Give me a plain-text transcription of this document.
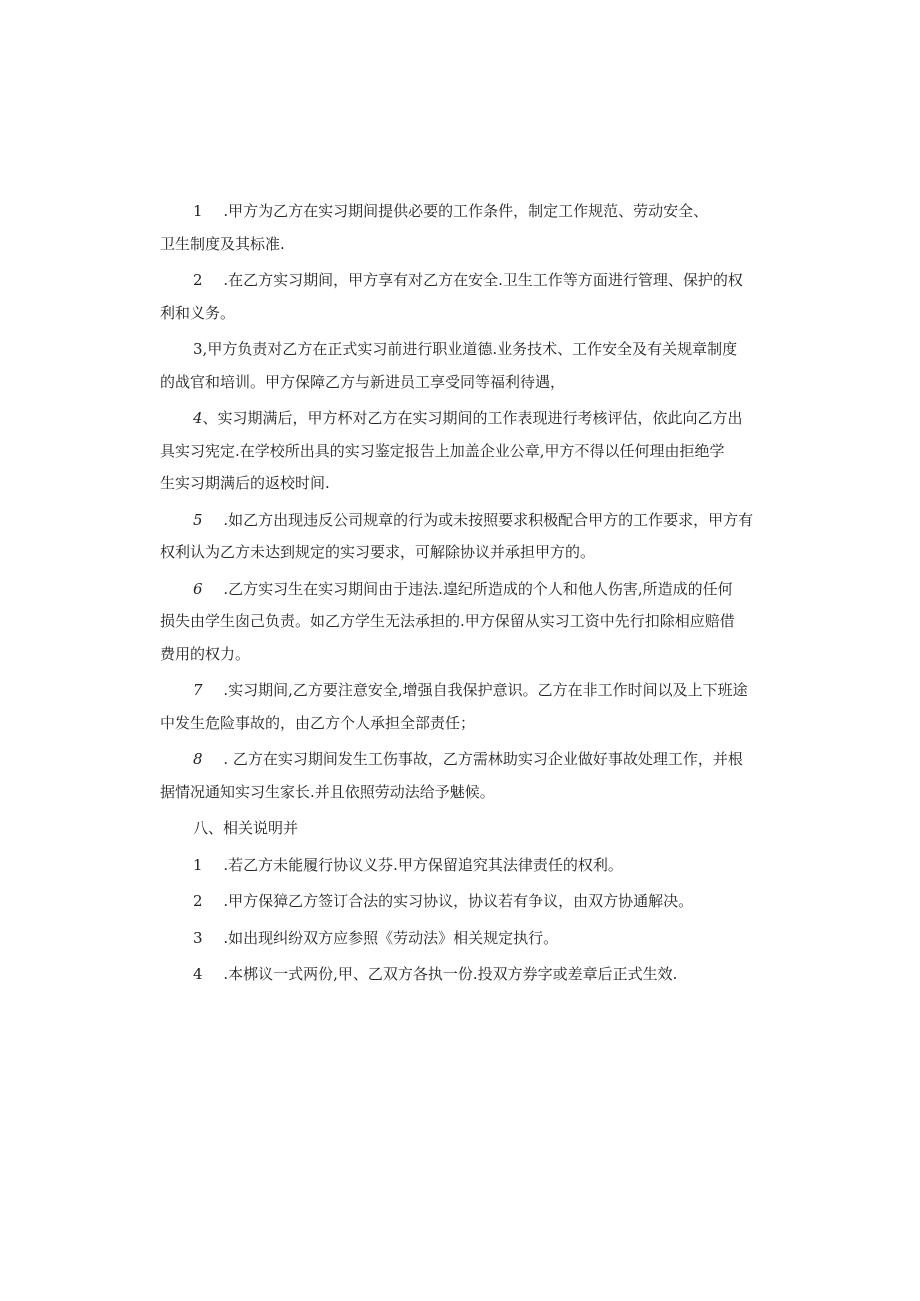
1 .甲方为乙方在实习期间提供必要的工作条件，制定工作规范、劳动安全、
卫生制度及其标准.
2 .在乙方实习期间，甲方享有对乙方在安全.卫生工作等方面进行管理、保护的权
利和义务。
3,甲方负责对乙方在正式实习前进行职业道德.业务技术、工作安全及有关规章制度
的战官和培训。甲方保障乙方与新进员工享受同等福利待遇，
4、实习期满后，甲方杯对乙方在实习期间的工作表现进行考核评估，依此向乙方出
具实习宪定.在学校所出具的实习鉴定报告上加盖企业公章,甲方不得以任何理由拒绝学
生实习期满后的返校时间.
5 .如乙方出现违反公司规章的行为或未按照要求积极配合甲方的工作要求，甲方有
权利认为乙方未达到规定的实习要求，可解除协议并承担甲方的。
6 .乙方实习生在实习期间由于违法.遑纪所造成的个人和他人伤害,所造成的任何
损失由学生囱己负责。如乙方学生无法承担的.甲方保留从实习工资中先行扣除相应赔借
费用的权力。
7 .实习期间,乙方要注意安全,增强自我保护意识。乙方在非工作时间以及上下班途
中发生危险事故的，由乙方个人承担全部责任；
8 . 乙方在实习期间发生工伤事故，乙方需林助实习企业做好事故处理工作，并根
据情况通知实习生家长.并且依照劳动法给予魅候。
八、相关说明并
1 .若乙方未能履行协议义芬.甲方保留追究其法律责任的权利。
2 .甲方保獐乙方签订合法的实习协议，协议若有争议，由双方协通解决。
3 .如出现纠纷双方应参照《劳动法》相关规定执行。
4 .本梆议一式两份,甲、乙双方各执一份.投双方券字或差章后正式生效.
